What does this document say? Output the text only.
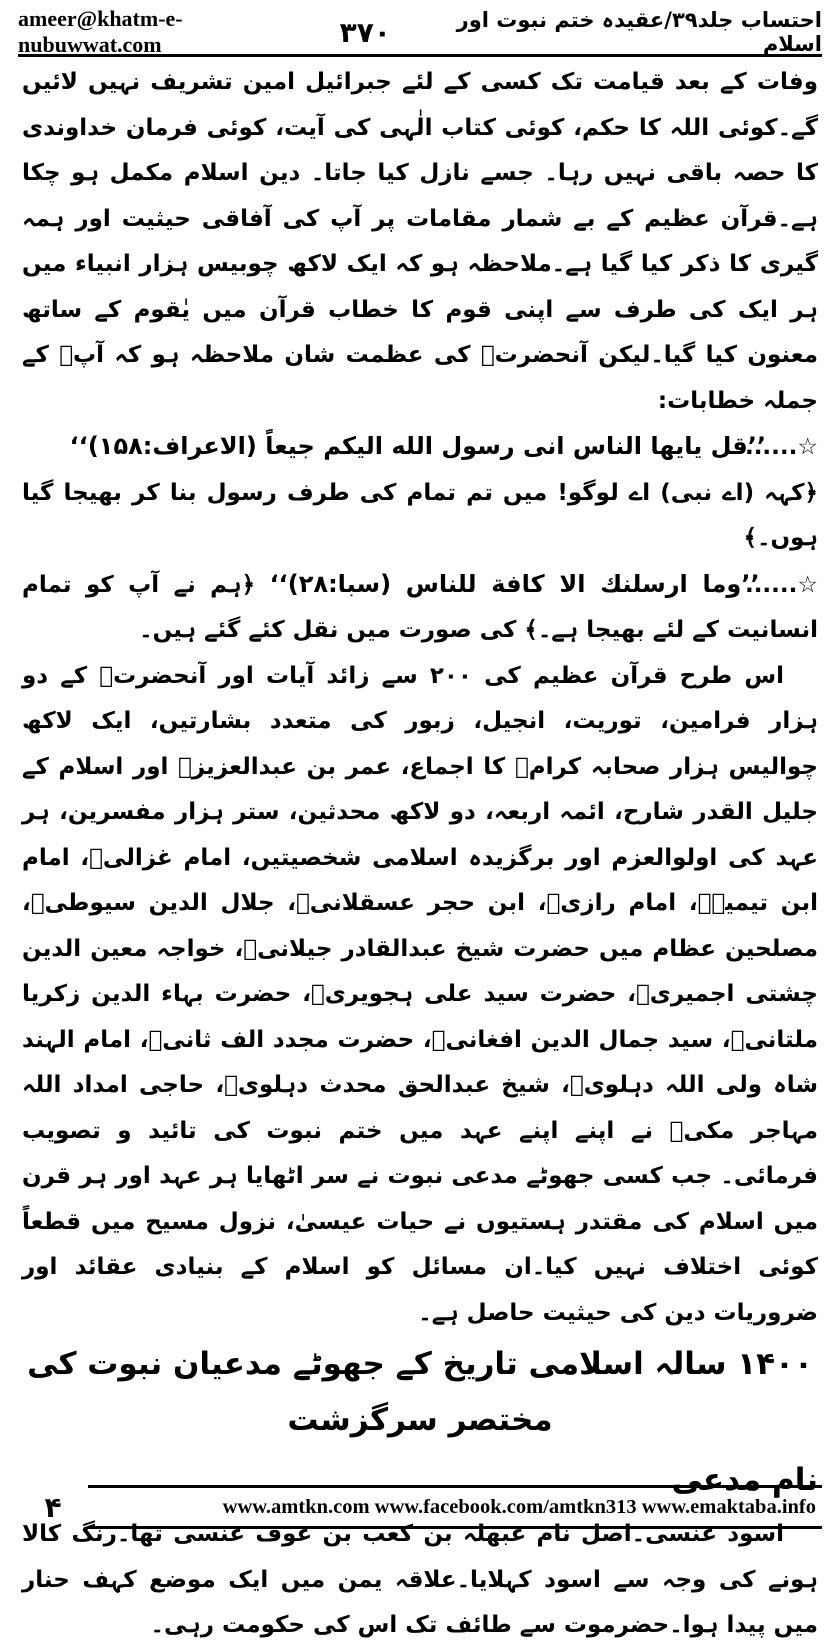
ameer@khatm-e-nubuwwat.com	۳۷۰	احتساب جلد۳۹/عقیدہ ختم نبوت اور اسلام

وفات کے بعد قیامت تک کسی کے لئے جبرائیل امین تشریف نہیں لائیں گے۔کوئی اللہ کا حکم، کوئی کتاب الٰہی کی آیت، کوئی فرمان خداوندی کا حصہ باقی نہیں رہا۔ جسے نازل کیا جاتا۔ دین اسلام مکمل ہو چکا ہے۔قرآن عظیم کے بے شمار مقامات پر آپ کی آفاقی حیثیت اور ہمہ گیری کا ذکر کیا گیا ہے۔ملاحظہ ہو کہ ایک لاکھ چوبیس ہزار انبیاء میں ہر ایک کی طرف سے اپنی قوم کا خطاب قرآن میں یٰقوم کے ساتھ معنون کیا گیا۔لیکن آنحضرتﷺ کی عظمت شان ملاحظہ ہو کہ آپؐ کے جملہ خطابات:

☆...... ’’قل یایھا الناس انی رسول الله الیکم جیعاً (الاعراف:۱۵۸)‘‘

﴿کہہ (اے نبی) اے لوگو! میں تم تمام کی طرف رسول بنا کر بھیجا گیا ہوں۔﴾

☆...... ’’وما ارسلنك الا كافة للناس (سبا:۲۸)‘‘ ﴿ہم نے آپ کو تمام انسانیت کے لئے بھیجا ہے۔﴾ کی صورت میں نقل کئے گئے ہیں۔

اس طرح قرآن عظیم کی ۲۰۰ سے زائد آیات اور آنحضرتﷺ کے دو ہزار فرامین، توریت، انجیل، زبور کی متعدد بشارتیں، ایک لاکھ چوالیس ہزار صحابہ کرامؓ کا اجماع، عمر بن عبدالعزیزؒ اور اسلام کے جلیل القدر شارح، ائمہ اربعہ، دو لاکھ محدثین، ستر ہزار مفسرین، ہر عہد کی اولوالعزم اور برگزیدہ اسلامی شخصیتیں، امام غزالیؒ، امام ابن تیمیہؒ، امام رازیؒ، ابن حجر عسقلانیؒ، جلال الدین سیوطیؒ، مصلحین عظام میں حضرت شیخ عبدالقادر جیلانیؒ، خواجہ معین الدین چشتی اجمیریؒ، حضرت سید علی ہجویریؒ، حضرت بہاء الدین زکریا ملتانیؒ، سید جمال الدین افغانیؒ، حضرت مجدد الف ثانیؒ، امام الہند شاہ ولی اللہ دہلویؒ، شیخ عبدالحق محدث دہلویؒ، حاجی امداد اللہ مہاجر مکیؒ نے اپنے اپنے عہد میں ختم نبوت کی تائید و تصویب فرمائی۔ جب کسی جھوٹے مدعی نبوت نے سر اٹھایا ہر عہد اور ہر قرن میں اسلام کی مقتدر ہستیوں نے حیات عیسیٰ، نزول مسیح میں قطعاً کوئی اختلاف نہیں کیا۔ان مسائل کو اسلام کے بنیادی عقائد اور ضروریات دین کی حیثیت حاصل ہے۔

۱۴۰۰ سالہ اسلامی تاریخ کے جھوٹے مدعیان نبوت کی مختصر سرگزشت

نام مدعی

اسود عنسی۔اصل نام عبھلہ بن کعب بن عوف عنسی تھا۔رنگ کالا ہونے کی وجہ سے اسود کہلایا۔علاقہ یمن میں ایک موضع کہف حنار میں پیدا ہوا۔حضرموت سے طائف تک اس کی حکومت رہی۔

۴	www.amtkn.com www.facebook.com/amtkn313 www.emaktaba.info
